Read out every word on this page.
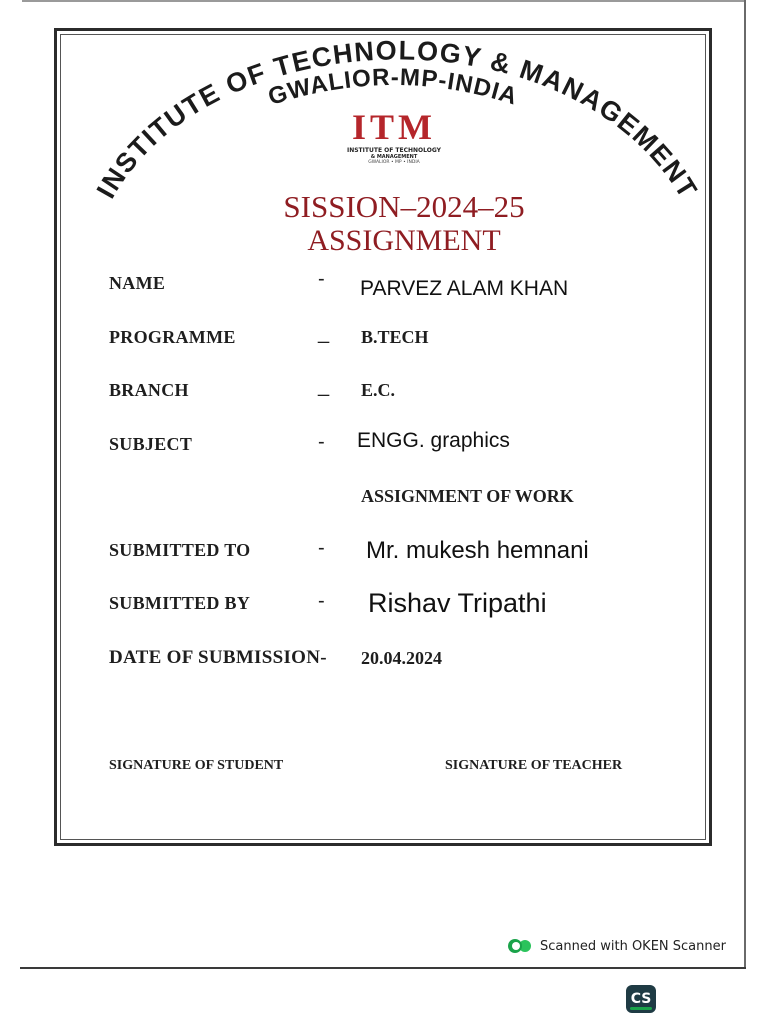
INSTITUTE OF TECHNOLOGY & MANAGEMENT
GWALIOR-MP-INDIA
ITM
INSTITUTE OF TECHNOLOGY
& MANAGEMENT
GWALIOR • MP • INDIA
SISSION–2024–25
ASSIGNMENT
NAME	- PARVEZ ALAM KHAN
PROGRAMME	_ B.TECH
BRANCH	_ E.C.
SUBJECT	- ENGG. graphics
ASSIGNMENT OF WORK
SUBMITTED TO	- Mr. mukesh hemnani
SUBMITTED BY	- Rishav Tripathi
DATE OF SUBMISSION- 20.04.2024
SIGNATURE OF STUDENT	SIGNATURE OF TEACHER
Scanned with OKEN Scanner
CS
